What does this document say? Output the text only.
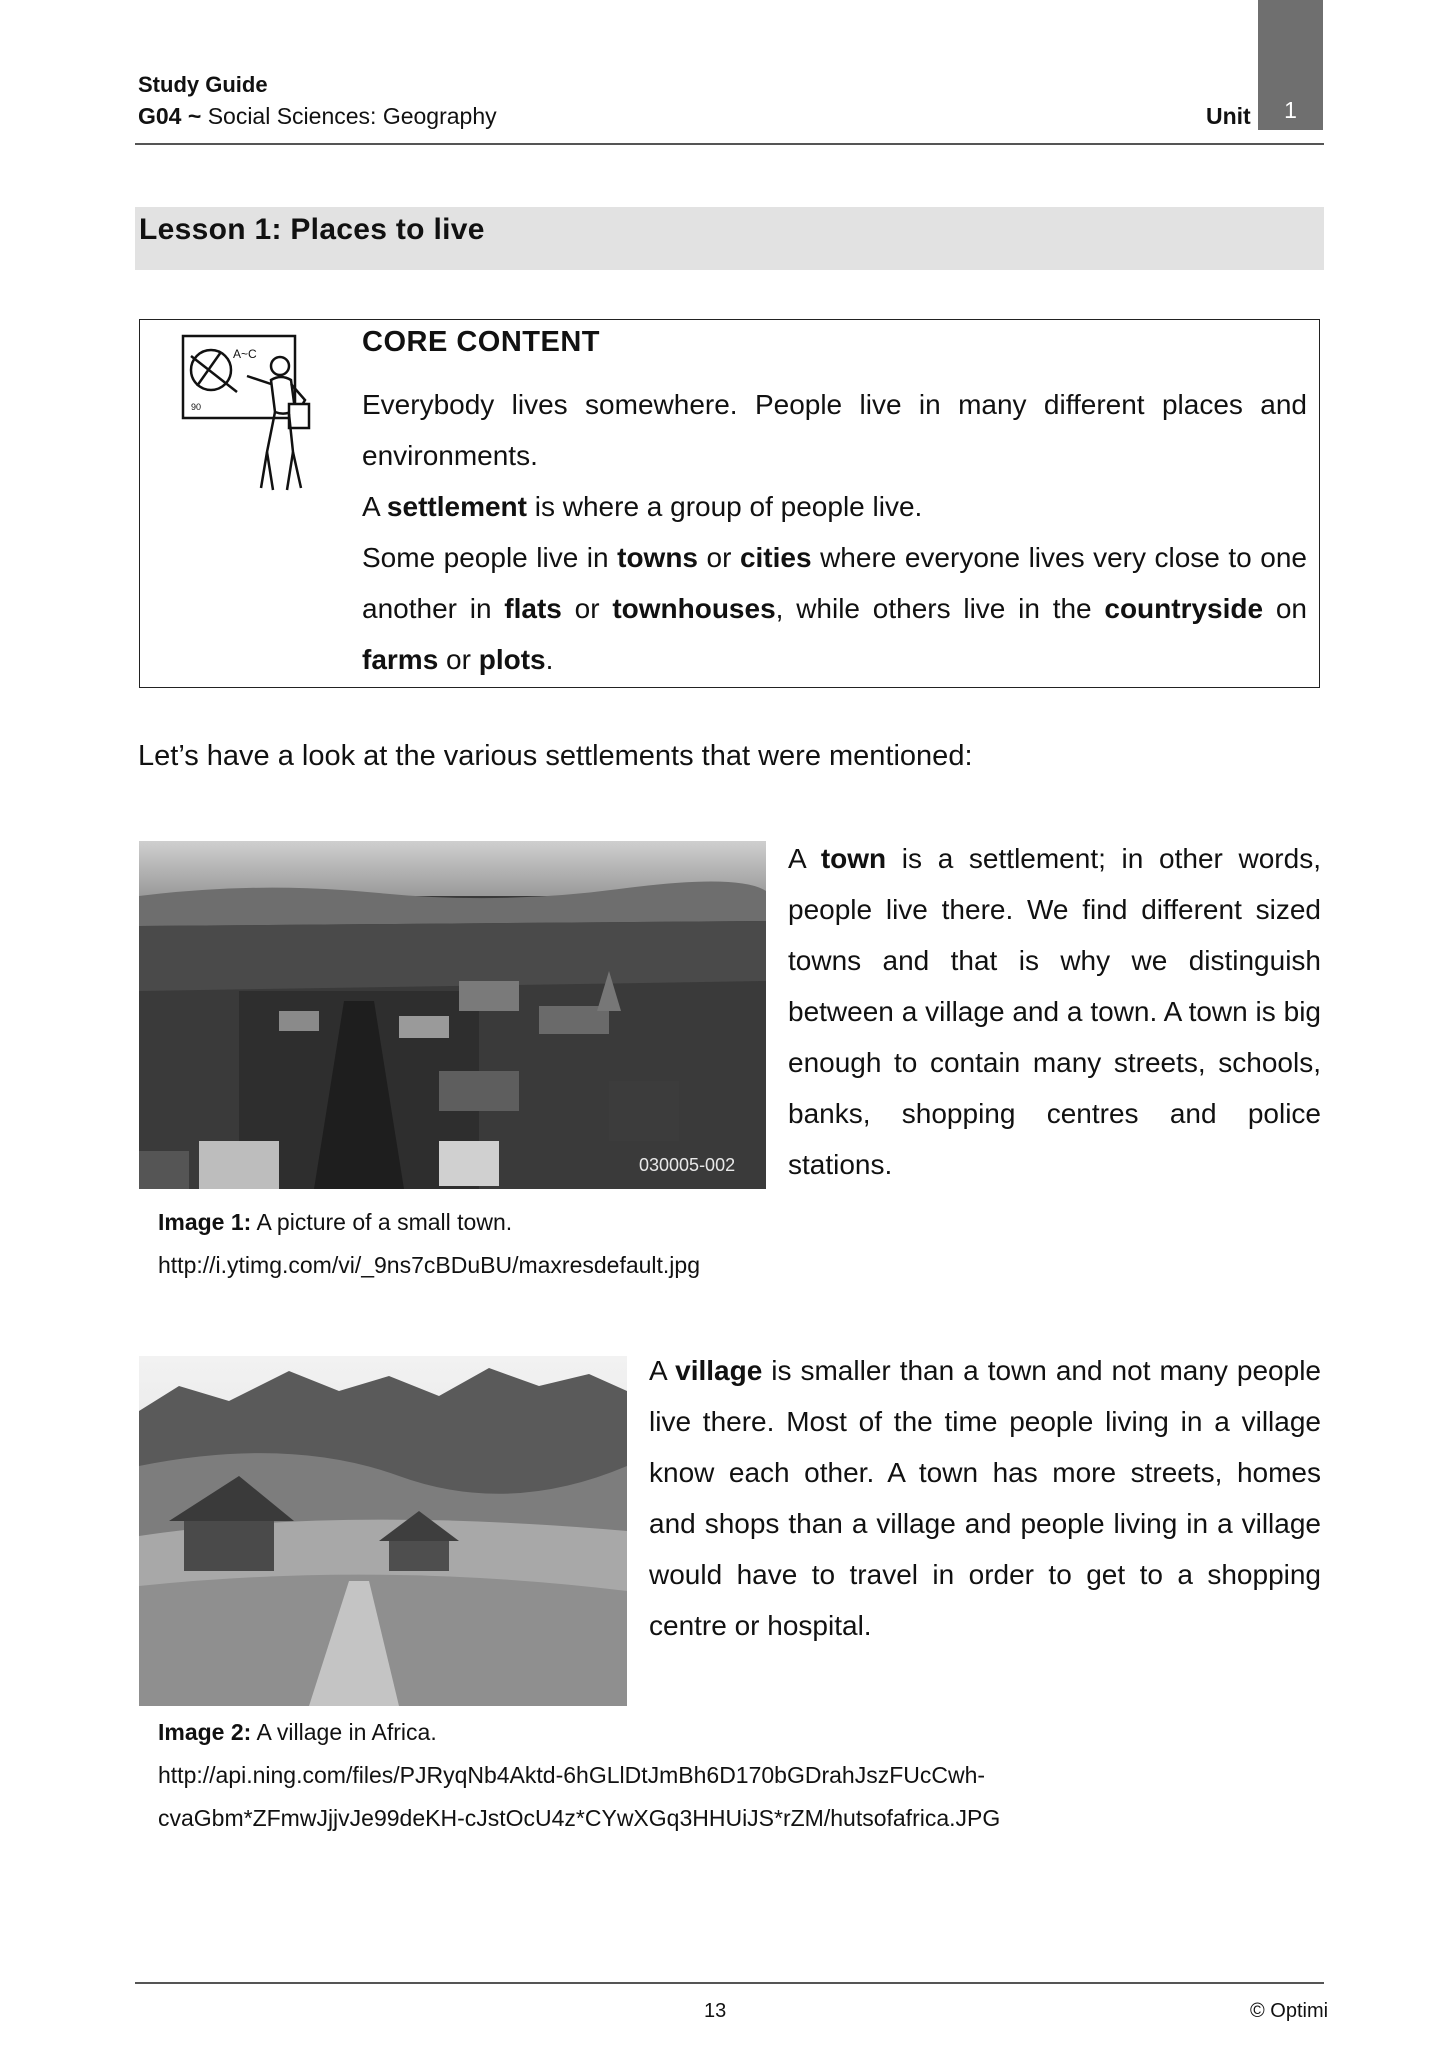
Study Guide
G04 ~ Social Sciences: Geography	Unit 1
Lesson 1: Places to live
A~C
90
CORE CONTENT

Everybody lives somewhere. People live in many different places and environments.

A settlement is where a group of people live.

Some people live in towns or cities where everyone lives very close to one another in flats or townhouses, while others live in the countryside on farms or plots.

Let’s have a look at the various settlements that were mentioned:
030005-002
A town is a settlement; in other words, people live there. We find different sized towns and that is why we distinguish between a village and a town. A town is big enough to contain many streets, schools, banks, shopping centres and police stations.
Image 1: A picture of a small town.
http://i.ytimg.com/vi/_9ns7cBDuBU/maxresdefault.jpg
A village is smaller than a town and not many people live there. Most of the time people living in a village know each other. A town has more streets, homes and shops than a village and people living in a village would have to travel in order to get to a shopping centre or hospital.
Image 2: A village in Africa.
http://api.ning.com/files/PJRyqNb4Aktd-6hGLlDtJmBh6D170bGDrahJszFUcCwh-
cvaGbm*ZFmwJjjvJe99deKH-cJstOcU4z*CYwXGq3HHUiJS*rZM/hutsofafrica.JPG
13	© Optimi
